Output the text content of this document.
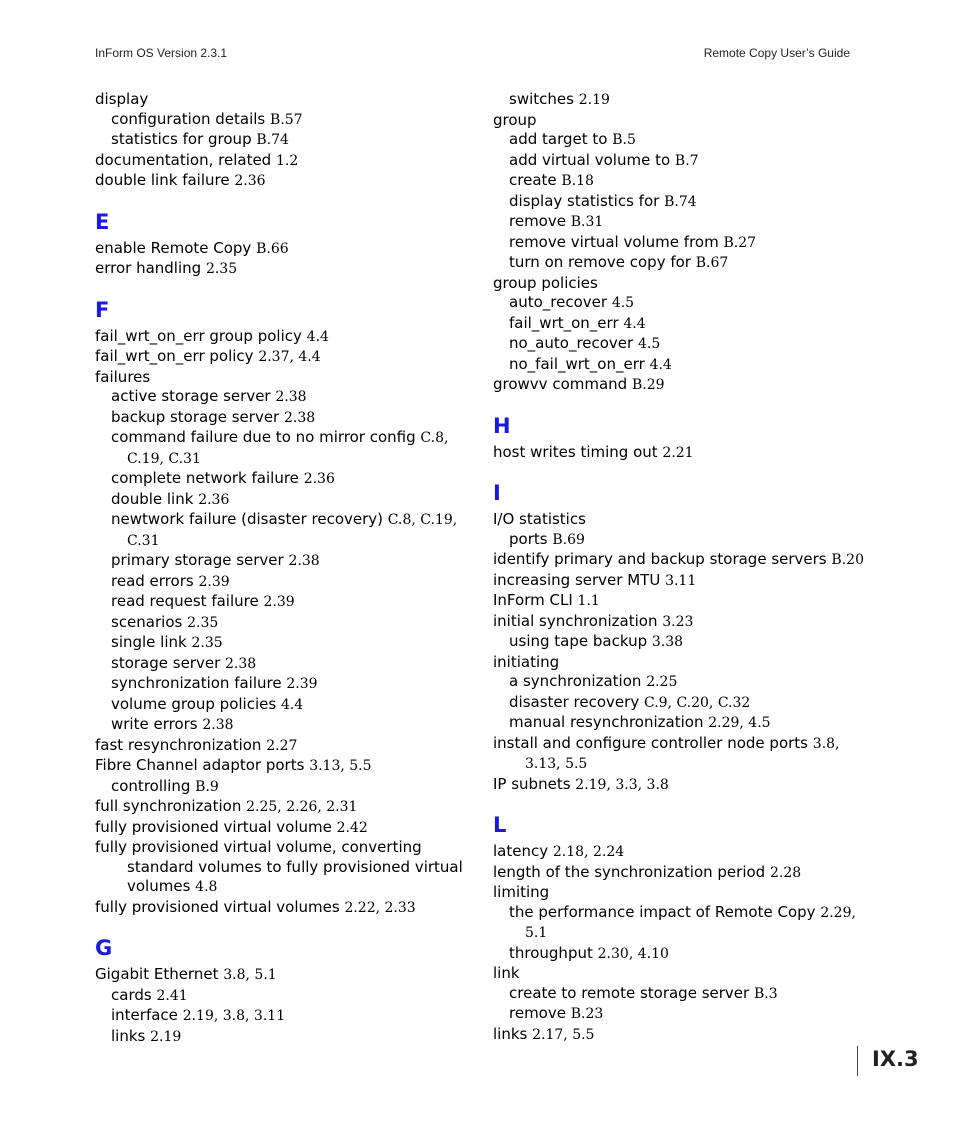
InForm OS Version 2.3.1	Remote Copy User’s Guide
display
configuration details B.57
statistics for group B.74
documentation, related 1.2
double link failure 2.36
E
enable Remote Copy B.66
error handling 2.35
F
fail_wrt_on_err group policy 4.4
fail_wrt_on_err policy 2.37, 4.4
failures
active storage server 2.38
backup storage server 2.38
command failure due to no mirror config C.8, C.19, C.31
complete network failure 2.36
double link 2.36
newtwork failure (disaster recovery) C.8, C.19, C.31
primary storage server 2.38
read errors 2.39
read request failure 2.39
scenarios 2.35
single link 2.35
storage server 2.38
synchronization failure 2.39
volume group policies 4.4
write errors 2.38
fast resynchronization 2.27
Fibre Channel adaptor ports 3.13, 5.5
controlling B.9
full synchronization 2.25, 2.26, 2.31
fully provisioned virtual volume 2.42
fully provisioned virtual volume, converting standard volumes to fully provisioned virtual volumes 4.8
fully provisioned virtual volumes 2.22, 2.33
G
Gigabit Ethernet 3.8, 5.1
cards 2.41
interface 2.19, 3.8, 3.11
links 2.19
switches 2.19
group
add target to B.5
add virtual volume to B.7
create B.18
display statistics for B.74
remove B.31
remove virtual volume from B.27
turn on remove copy for B.67
group policies
auto_recover 4.5
fail_wrt_on_err 4.4
no_auto_recover 4.5
no_fail_wrt_on_err 4.4
growvv command B.29
H
host writes timing out 2.21
I
I/O statistics
ports B.69
identify primary and backup storage servers B.20
increasing server MTU 3.11
InForm CLI 1.1
initial synchronization 3.23
using tape backup 3.38
initiating
a synchronization 2.25
disaster recovery C.9, C.20, C.32
manual resynchronization 2.29, 4.5
install and configure controller node ports 3.8, 3.13, 5.5
IP subnets 2.19, 3.3, 3.8
L
latency 2.18, 2.24
length of the synchronization period 2.28
limiting
the performance impact of Remote Copy 2.29, 5.1
throughput 2.30, 4.10
link
create to remote storage server B.3
remove B.23
links 2.17, 5.5
IX.3
